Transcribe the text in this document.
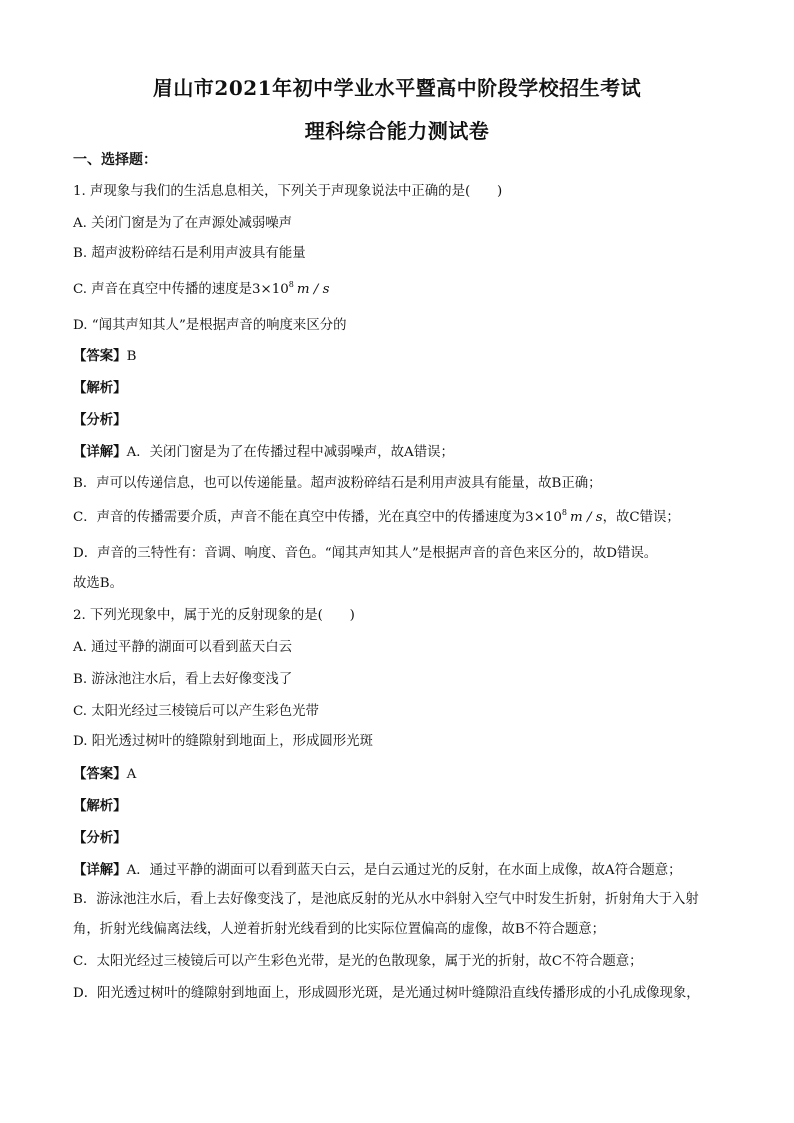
眉山市2021年初中学业水平暨高中阶段学校招生考试
理科综合能力测试卷
一、选择题：
1. 声现象与我们的生活息息相关，下列关于声现象说法中正确的是(　　)
A. 关闭门窗是为了在声源处减弱噪声
B. 超声波粉碎结石是利用声波具有能量
C. 声音在真空中传播的速度是$3\times 10^8$ m / s
D. “闻其声知其人”是根据声音的响度来区分的
【答案】B
【解析】
【分析】
【详解】A．关闭门窗是为了在传播过程中减弱噪声，故A错误；
B．声可以传递信息，也可以传递能量。超声波粉碎结石是利用声波具有能量，故B正确；
C．声音的传播需要介质，声音不能在真空中传播，光在真空中的传播速度为$3\times 10^8$ m / s，故C错误；
D．声音的三特性有：音调、响度、音色。“闻其声知其人”是根据声音的音色来区分的，故D错误。
故选B。
2. 下列光现象中，属于光的反射现象的是(　　)
A. 通过平静的湖面可以看到蓝天白云
B. 游泳池注水后，看上去好像变浅了
C. 太阳光经过三棱镜后可以产生彩色光带
D. 阳光透过树叶的缝隙射到地面上，形成圆形光斑
【答案】A
【解析】
【分析】
【详解】A．通过平静的湖面可以看到蓝天白云，是白云通过光的反射，在水面上成像，故A符合题意；
B．游泳池注水后，看上去好像变浅了，是池底反射的光从水中斜射入空气中时发生折射，折射角大于入射
角，折射光线偏离法线，人逆着折射光线看到的比实际位置偏高的虚像，故B不符合题意；
C．太阳光经过三棱镜后可以产生彩色光带，是光的色散现象，属于光的折射，故C不符合题意；
D．阳光透过树叶的缝隙射到地面上，形成圆形光斑，是光通过树叶缝隙沿直线传播形成的小孔成像现象，
